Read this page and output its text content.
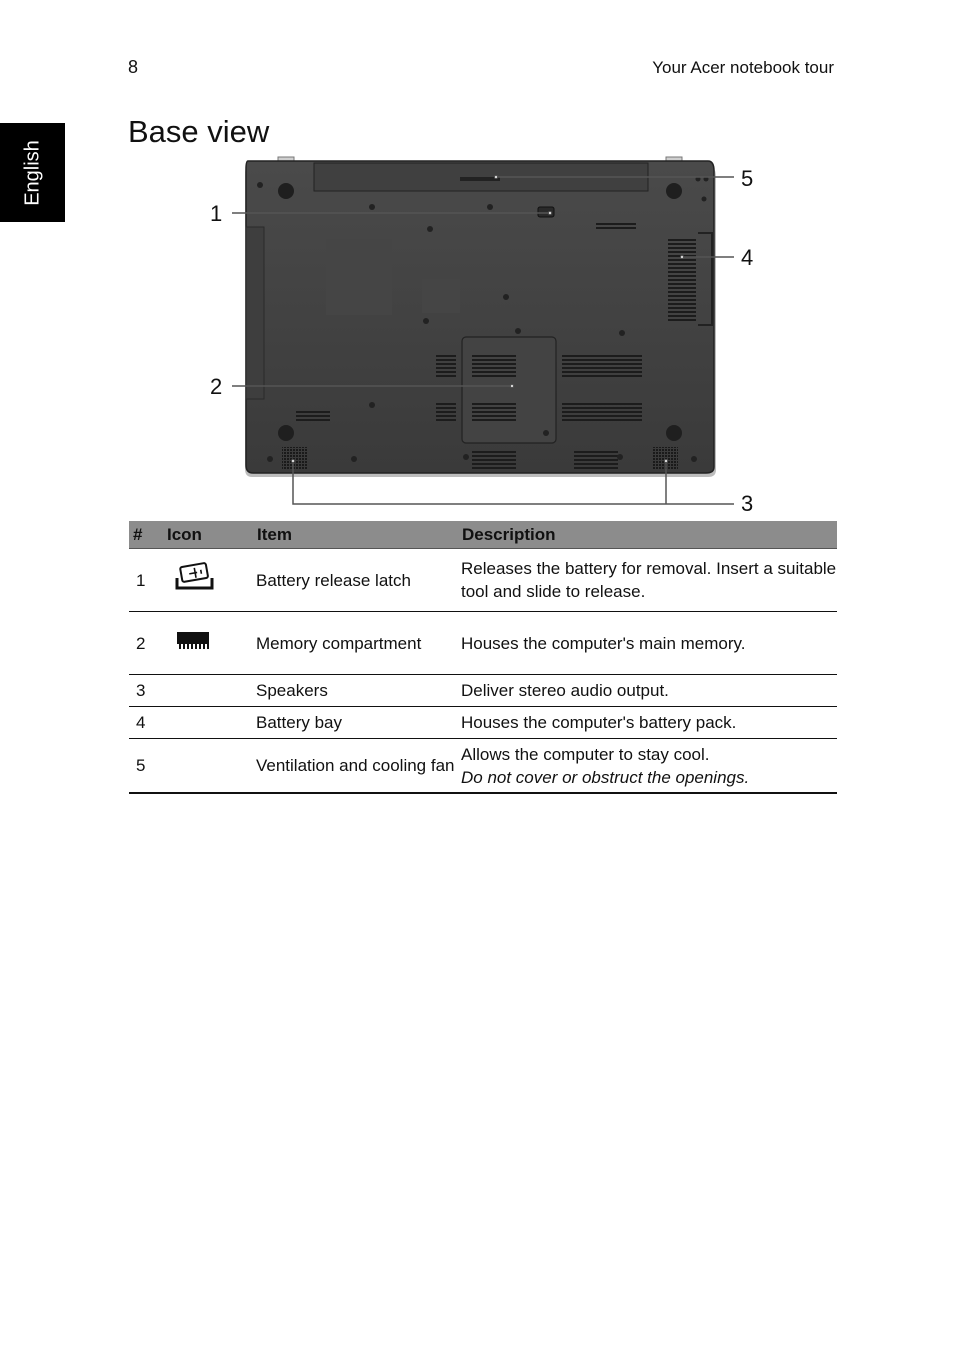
8	Your Acer notebook tour
English
Base view
1
2
3
4
5
#	Icon	Item	Description
1		Battery release latch	Releases the battery for removal. Insert a suitable tool and slide to release.
2		Memory compartment	Houses the computer's main memory.
3		Speakers	Deliver stereo audio output.
4		Battery bay	Houses the computer's battery pack.
5		Ventilation and cooling fan	Allows the computer to stay cool.
Do not cover or obstruct the openings.
